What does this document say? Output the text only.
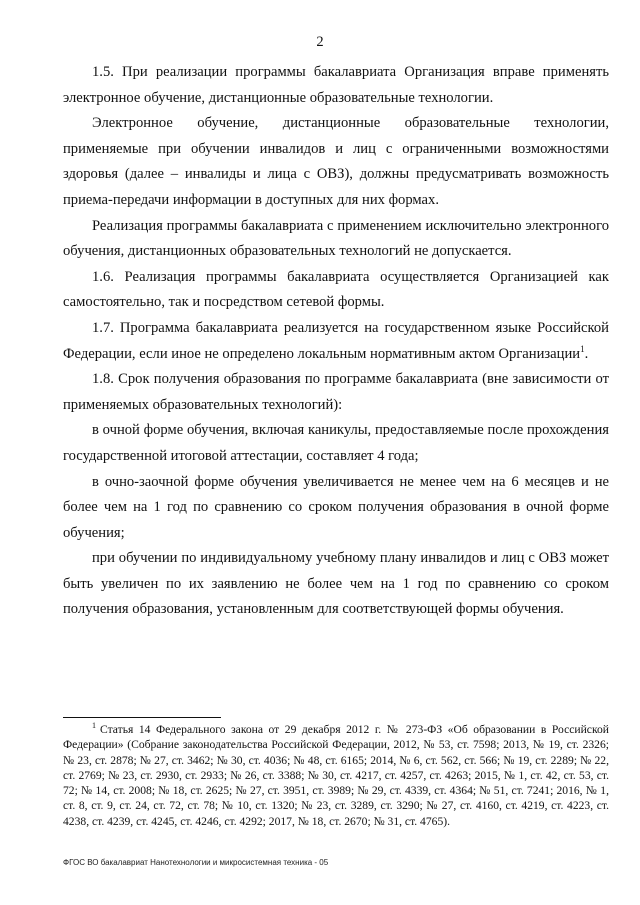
2

1.5. При реализации программы бакалавриата Организация вправе применять электронное обучение, дистанционные образовательные технологии.

Электронное обучение, дистанционные образовательные технологии, применяемые при обучении инвалидов и лиц с ограниченными возможностями здоровья (далее – инвалиды и лица с ОВЗ), должны предусматривать возможность приема-передачи информации в доступных для них формах.

Реализация программы бакалавриата с применением исключительно электронного обучения, дистанционных образовательных технологий не допускается.

1.6. Реализация программы бакалавриата осуществляется Организацией как самостоятельно, так и посредством сетевой формы.

1.7. Программа бакалавриата реализуется на государственном языке Российской Федерации, если иное не определено локальным нормативным актом Организации$^1$.

1.8. Срок получения образования по программе бакалавриата (вне зависимости от применяемых образовательных технологий):

в очной форме обучения, включая каникулы, предоставляемые после прохождения государственной итоговой аттестации, составляет 4 года;

в очно-заочной форме обучения увеличивается не менее чем на 6 месяцев и не более чем на 1 год по сравнению со сроком получения образования в очной форме обучения;

при обучении по индивидуальному учебному плану инвалидов и лиц с ОВЗ может быть увеличен по их заявлению не более чем на 1 год по сравнению со сроком получения образования, установленным для соответствующей формы обучения.

$^1$ Статья 14 Федерального закона от 29 декабря 2012 г. № 273-ФЗ «Об образовании в Российской Федерации» (Собрание законодательства Российской Федерации, 2012, № 53, ст. 7598; 2013, № 19, ст. 2326; № 23, ст. 2878; № 27, ст. 3462; № 30, ст. 4036; № 48, ст. 6165; 2014, № 6, ст. 562, ст. 566; № 19, ст. 2289; № 22, ст. 2769; № 23, ст. 2930, ст. 2933; № 26, ст. 3388; № 30, ст. 4217, ст. 4257, ст. 4263; 2015, № 1, ст. 42, ст. 53, ст. 72; № 14, ст. 2008; № 18, ст. 2625; № 27, ст. 3951, ст. 3989; № 29, ст. 4339, ст. 4364; № 51, ст. 7241; 2016, № 1, ст. 8, ст. 9, ст. 24, ст. 72, ст. 78; № 10, ст. 1320; № 23, ст. 3289, ст. 3290; № 27, ст. 4160, ст. 4219, ст. 4223, ст. 4238, ст. 4239, ст. 4245, ст. 4246, ст. 4292; 2017, № 18, ст. 2670; № 31, ст. 4765).
ФГОС ВО бакалавриат Нанотехнологии и микросистемная техника - 05
